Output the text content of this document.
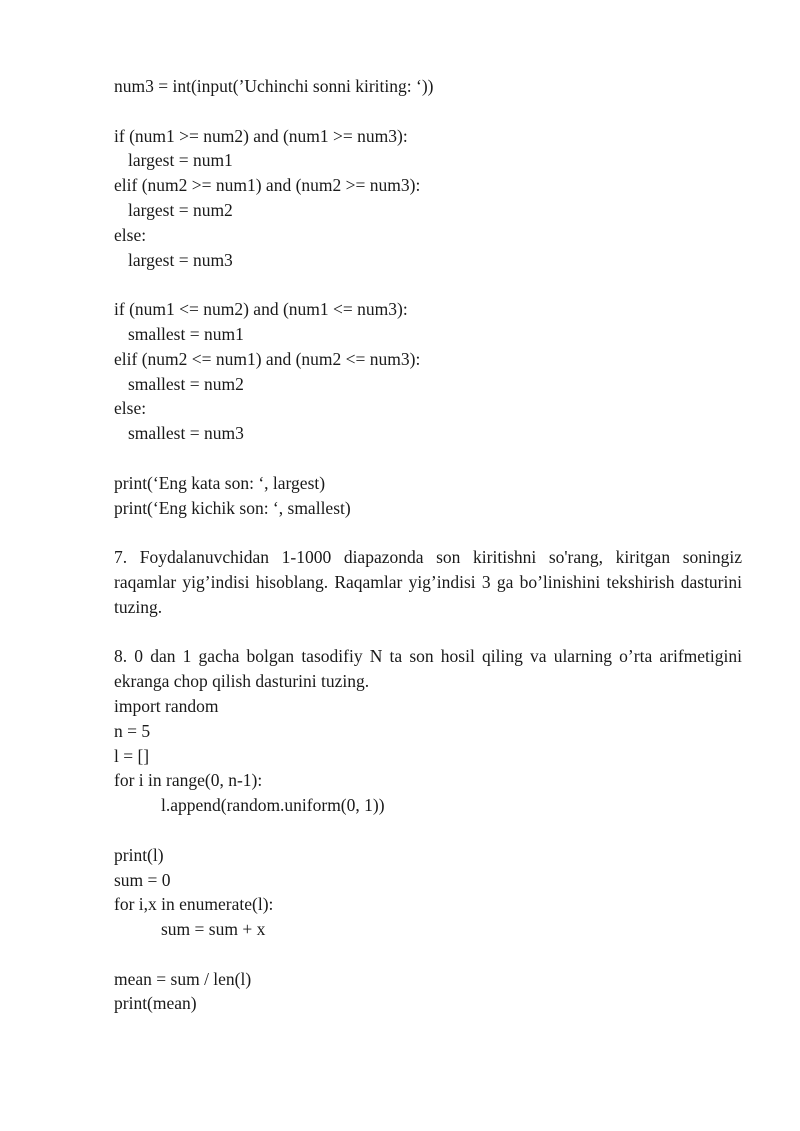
num3 = int(input(’Uchinchi sonni kiriting: ‘))
if (num1 >= num2) and (num1 >= num3):
largest = num1
elif (num2 >= num1) and (num2 >= num3):
largest = num2
else:
largest = num3
if (num1 <= num2) and (num1 <= num3):
smallest = num1
elif (num2 <= num1) and (num2 <= num3):
smallest = num2
else:
smallest = num3
print(‘Eng kata son: ‘, largest)
print(‘Eng kichik son: ‘, smallest)
7. Foydalanuvchidan 1-1000 diapazonda son kiritishni so'rang, kiritgan soningiz raqamlar yig’indisi hisoblang. Raqamlar yig’indisi 3 ga bo’linishini tekshirish dasturini tuzing.
8. 0 dan 1 gacha bolgan tasodifiy N ta son hosil qiling va ularning o’rta arifmetigini ekranga chop qilish dasturini tuzing.
import random
n = 5
l = []
for i in range(0, n-1):
l.append(random.uniform(0, 1))
print(l)
sum = 0
for i,x in enumerate(l):
sum = sum + x
mean = sum / len(l)
print(mean)
